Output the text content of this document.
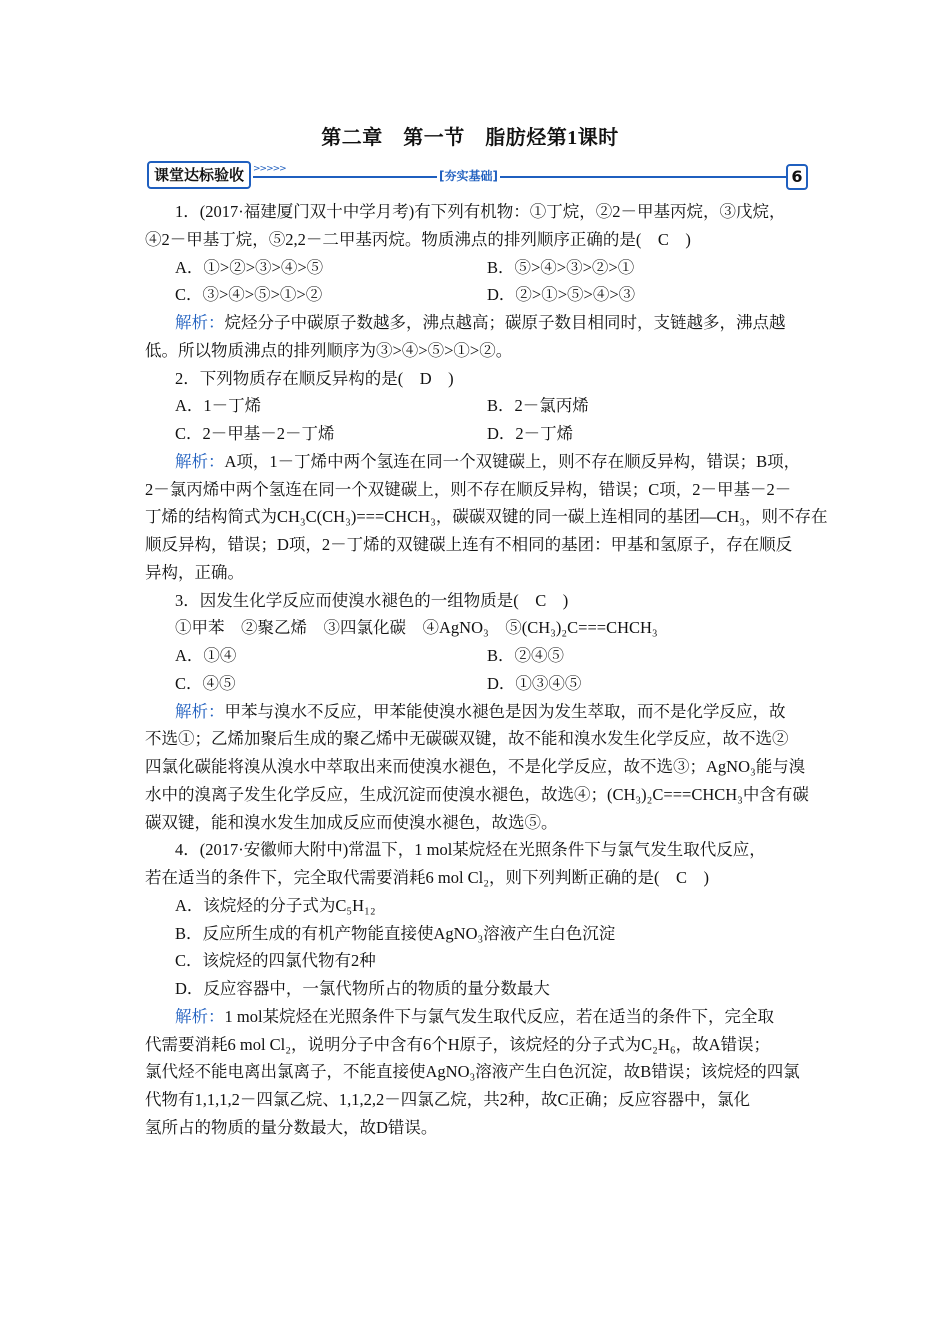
第二章　第一节　脂肪烃第1课时
课堂达标验收 >>>>>	[夯实基础]	6
1．(2017·福建厦门双十中学月考)有下列有机物：①丁烷，②2－甲基丙烷，③戊烷，
④2－甲基丁烷，⑤2,2－二甲基丙烷。物质沸点的排列顺序正确的是(　C　)
A．①>②>③>④>⑤	B．⑤>④>③>②>①
C．③>④>⑤>①>②	D．②>①>⑤>④>③
解析：烷烃分子中碳原子数越多，沸点越高；碳原子数目相同时，支链越多，沸点越
低。所以物质沸点的排列顺序为③>④>⑤>①>②。
2．下列物质存在顺反异构的是(　D　)
A．1－丁烯	B．2－氯丙烯
C．2－甲基－2－丁烯	D．2－丁烯
解析：A项，1－丁烯中两个氢连在同一个双键碳上，则不存在顺反异构，错误；B项，
2－氯丙烯中两个氢连在同一个双键碳上，则不存在顺反异构，错误；C项，2－甲基－2－
丁烯的结构简式为CH₃C(CH₃)===CHCH₃，碳碳双键的同一碳上连相同的基团—CH₃，则不存在
顺反异构，错误；D项，2－丁烯的双键碳上连有不相同的基团：甲基和氢原子，存在顺反
异构，正确。
3．因发生化学反应而使溴水褪色的一组物质是(　C　)
①甲苯　②聚乙烯　③四氯化碳　④AgNO₃　⑤(CH₃)₂C===CHCH₃
A．①④	B．②④⑤
C．④⑤	D．①③④⑤
解析：甲苯与溴水不反应，甲苯能使溴水褪色是因为发生萃取，而不是化学反应，故
不选①；乙烯加聚后生成的聚乙烯中无碳碳双键，故不能和溴水发生化学反应，故不选②
四氯化碳能将溴从溴水中萃取出来而使溴水褪色，不是化学反应，故不选③；AgNO₃能与溴
水中的溴离子发生化学反应，生成沉淀而使溴水褪色，故选④；(CH₃)₂C===CHCH₃中含有碳
碳双键，能和溴水发生加成反应而使溴水褪色，故选⑤。
4．(2017·安徽师大附中)常温下，1 mol某烷烃在光照条件下与氯气发生取代反应，
若在适当的条件下，完全取代需要消耗6 mol Cl₂，则下列判断正确的是(　C　)
A．该烷烃的分子式为C₅H₁₂
B．反应所生成的有机产物能直接使AgNO₃溶液产生白色沉淀
C．该烷烃的四氯代物有2种
D．反应容器中，一氯代物所占的物质的量分数最大
解析：1 mol某烷烃在光照条件下与氯气发生取代反应，若在适当的条件下，完全取
代需要消耗6 mol Cl₂，说明分子中含有6个H原子，该烷烃的分子式为C₂H₆，故A错误；
氯代烃不能电离出氯离子，不能直接使AgNO₃溶液产生白色沉淀，故B错误；该烷烃的四氯
代物有1,1,1,2－四氯乙烷、1,1,2,2－四氯乙烷，共2种，故C正确；反应容器中，氯化
氢所占的物质的量分数最大，故D错误。
